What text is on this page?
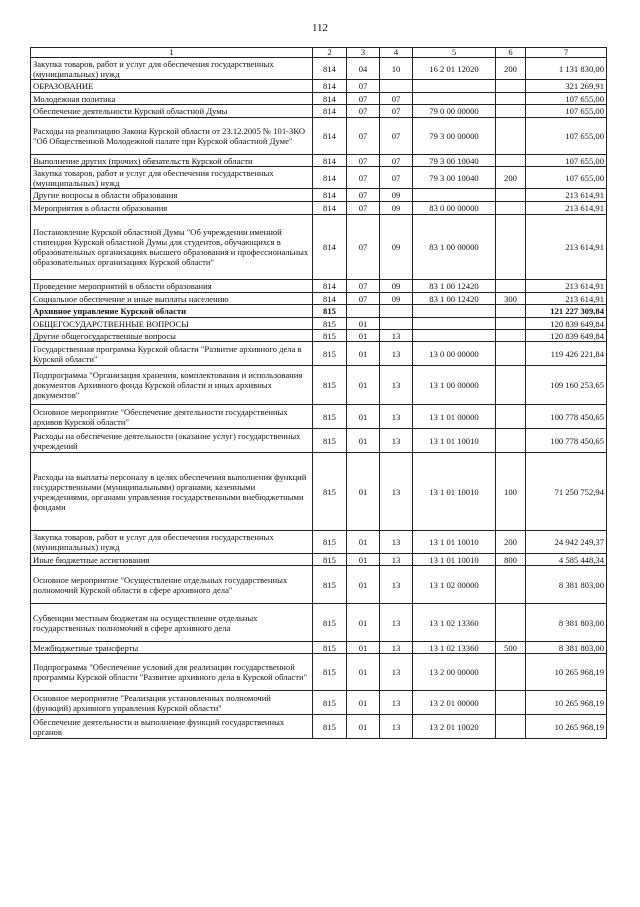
112
1	2	3	4	5	6	7
Закупка товаров, работ и услуг для обеспечения государственных (муниципальных) нужд	814	04	10	16 2 01 12020	200	1 131 830,00
ОБРАЗОВАНИЕ	814	07				321 269,91
Молодежная политика	814	07	07			107 655,00
Обеспечение деятельности Курской областной Думы	814	07	07	79 0 00 00000		107 655,00
Расходы на реализацию Закона Курской области от 23.12.2005 № 101-ЗКО "Об Общественной Молодежной палате при Курской областной Думе"	814	07	07	79 3 00 00000		107 655,00
Выполнение других (прочих) обязательств Курской области	814	07	07	79 3 00 10040		107 655,00
Закупка товаров, работ и услуг для обеспечения государственных (муниципальных) нужд	814	07	07	79 3 00 10040	200	107 655,00
Другие вопросы в области образования	814	07	09			213 614,91
Мероприятия в области образования	814	07	09	83 0 00 00000		213 614,91
Постановление Курской областной Думы "Об учреждении именной стипендии Курской областной Думы для студентов, обучающихся в образовательных организациях высшего образования и профессиональных образовательных организациях Курской области"	814	07	09	83 1 00 00000		213 614,91
Проведение мероприятий в области образования	814	07	09	83 1 00 12420		213 614,91
Социальное обеспечение и иные выплаты населению	814	07	09	83 1 00 12420	300	213 614,91
Архивное управление Курской области	815					121 227 309,84
ОБЩЕГОСУДАРСТВЕННЫЕ ВОПРОСЫ	815	01				120 839 649,84
Другие общегосударственные вопросы	815	01	13			120 839 649,84
Государственная программа Курской области "Развитие архивного дела в Курской области"	815	01	13	13 0 00 00000		119 426 221,84
Подпрограмма "Организация хранения, комплектования и использования документов Архивного фонда Курской области и иных архивных документов"	815	01	13	13 1 00 00000		109 160 253,65
Основное мероприятие "Обеспечение деятельности государственных архивов Курской области"	815	01	13	13 1 01 00000		100 778 450,65
Расходы на обеспечение деятельности (оказание услуг) государственных учреждений	815	01	13	13 1 01 10010		100 778 450,65
Расходы на выплаты персоналу в целях обеспечения выполнения функций государственными (муниципальными) органами, казенными учреждениями, органами управления государственными внебюджетными фондами	815	01	13	13 1 01 10010	100	71 250 752,94
Закупка товаров, работ и услуг для обеспечения государственных (муниципальных) нужд	815	01	13	13 1 01 10010	200	24 942 249,37
Иные бюджетные ассигнования	815	01	13	13 1 01 10010	800	4 585 448,34
Основное мероприятие "Осуществление отдельных государственных полномочий Курской области в сфере архивного дела"	815	01	13	13 1 02 00000		8 381 803,00
Субвенции местным бюджетам на осуществление отдельных государственных полномочий в сфере архивного дела	815	01	13	13 1 02 13360		8 381 803,00
Межбюджетные трансферты	815	01	13	13 1 02 13360	500	8 381 803,00
Подпрограмма "Обеспечение условий для реализации государственной программы Курской области "Развитие архивного дела в Курской области"	815	01	13	13 2 00 00000		10 265 968,19
Основное мероприятие "Реализация установленных полномочий (функций) архивного управления Курской области"	815	01	13	13 2 01 00000		10 265 968,19
Обеспечение деятельности и выполнение функций государственных органов	815	01	13	13 2 01 10020		10 265 968,19
